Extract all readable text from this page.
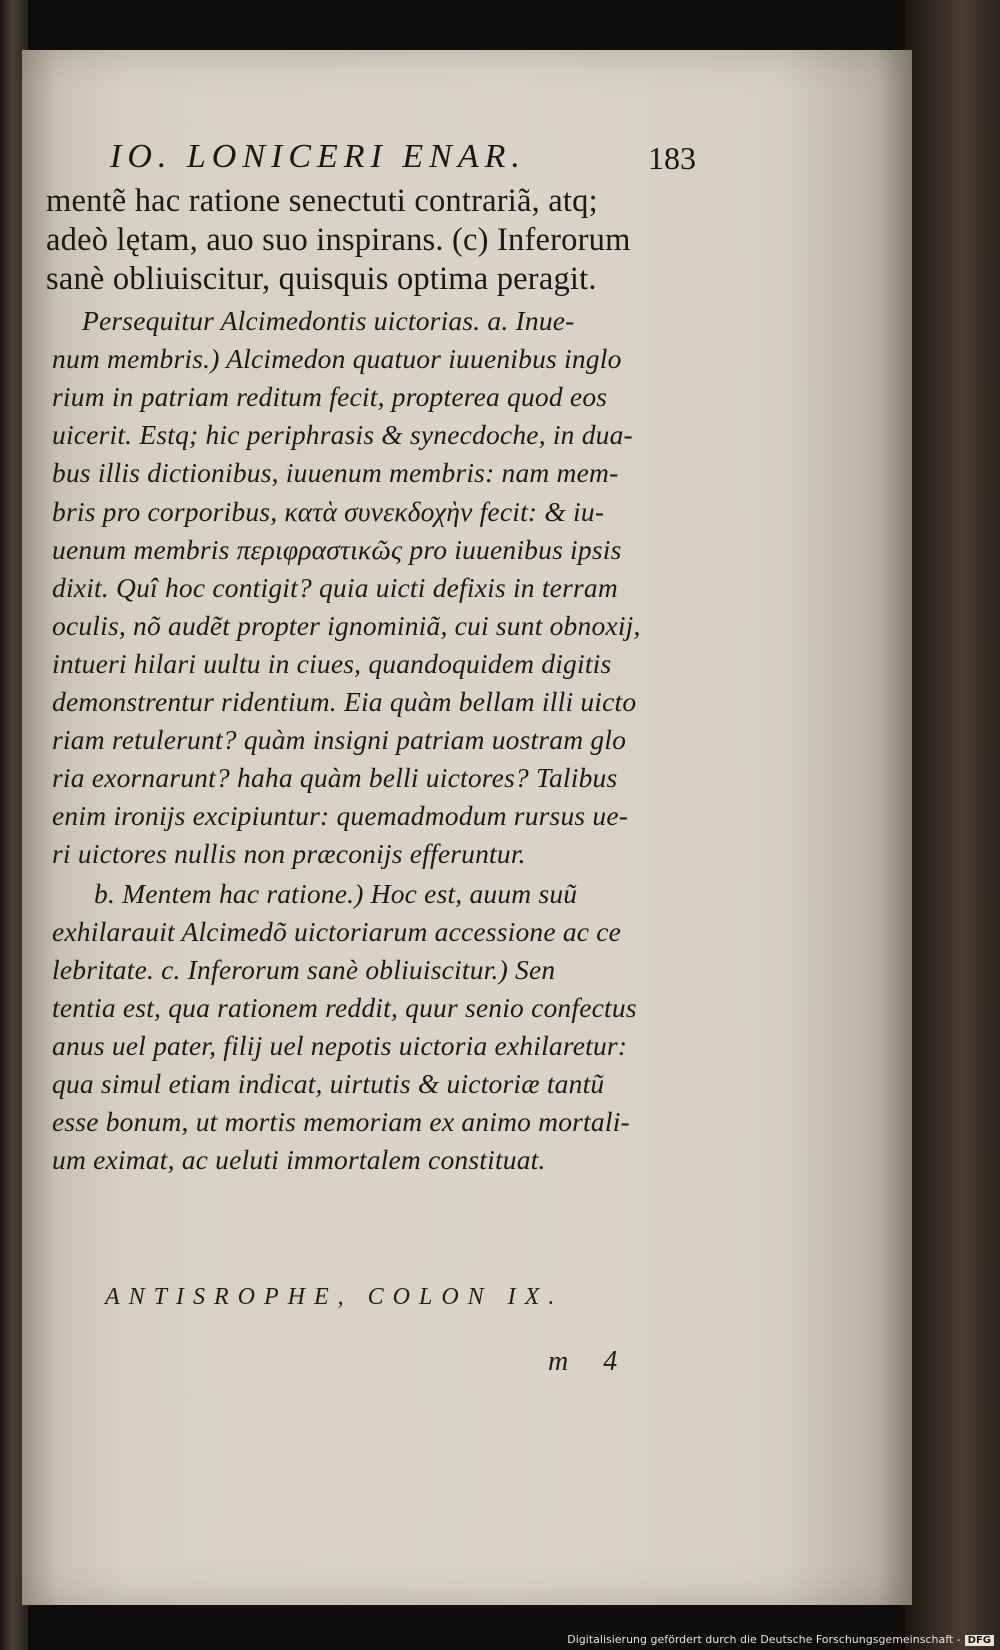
IO. LONICERI ENAR.	183
mentẽ hac ratione senectuti contrariã, atq;
adeò lętam, auo suo inspirans. (c) Inferorum
sanè obliuiscitur, quisquis optima peragit.
Persequitur Alcimedontis uictorias. a. Inue-
num membris.) Alcimedon quatuor iuuenibus inglo
rium in patriam reditum fecit, propterea quod eos
uicerit. Estq; hic periphrasis & synecdoche, in dua-
bus illis dictionibus, iuuenum membris: nam mem-
bris pro corporibus, κατὰ συνεκδοχὴν fecit: & iu-
uenum membris περιφραστικῶς pro iuuenibus ipsis
dixit. Quî hoc contigit? quia uicti defixis in terram
oculis, nõ audẽt propter ignominiã, cui sunt obnoxij,
intueri hilari uultu in ciues, quandoquidem digitis
demonstrentur ridentium. Eia quàm bellam illi uicto
riam retulerunt? quàm insigni patriam uostram glo
ria exornarunt? haha quàm belli uictores? Talibus
enim ironijs excipiuntur: quemadmodum rursus ue-
ri uictores nullis non præconijs efferuntur.
b. Mentem hac ratione.) Hoc est, auum suũ
exhilarauit Alcimedõ uictoriarum accessione ac ce
lebritate. c. Inferorum sanè obliuiscitur.) Sen
tentia est, qua rationem reddit, quur senio confectus
anus uel pater, filij uel nepotis uictoria exhilaretur:
qua simul etiam indicat, uirtutis & uictoriæ tantũ
esse bonum, ut mortis memoriam ex animo mortali-
um eximat, ac ueluti immortalem constituat.
ANTISROPHE, COLON IX.
m 4
Digitalisierung gefördert durch die Deutsche Forschungsgemeinschaft - DFG
